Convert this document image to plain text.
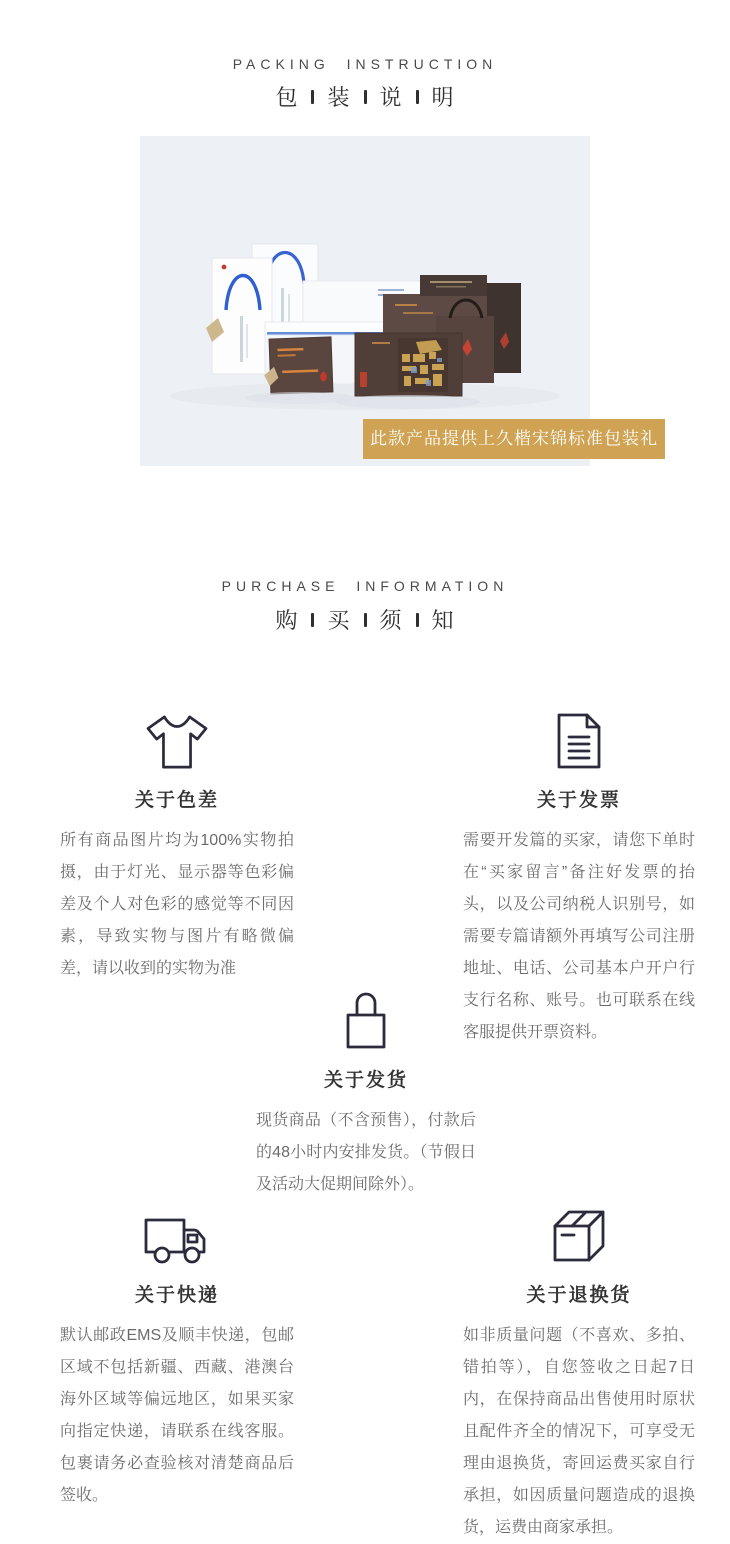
PACKING INSTRUCTION
包 装 说 明
此款产品提供上久楷宋锦标准包装礼盒
PURCHASE INFORMATION
购 买 须 知
关于色差
所有商品图片均为100%实物拍摄，由于灯光、显示器等色彩偏差及个人对色彩的感觉等不同因素，导致实物与图片有略微偏差，请以收到的实物为准
关于发票
需要开发篇的买家，请您下单时在“买家留言”备注好发票的抬头，以及公司纳税人识别号，如需要专篇请额外再填写公司注册地址、电话、公司基本户开户行支行名称、账号。也可联系在线客服提供开票资料。
关于发货
现货商品（不含预售），付款后的48小时内安排发货。（节假日及活动大促期间除外）。
关于快递
默认邮政EMS及顺丰快递，包邮区域不包括新疆、西藏、港澳台海外区域等偏远地区，如果买家向指定快递，请联系在线客服。包裹请务必查验核对清楚商品后签收。
关于退换货
如非质量问题（不喜欢、多拍、错拍等），自您签收之日起7日内，在保持商品出售使用时原状且配件齐全的情况下，可享受无理由退换货，寄回运费买家自行承担，如因质量问题造成的退换货，运费由商家承担。
